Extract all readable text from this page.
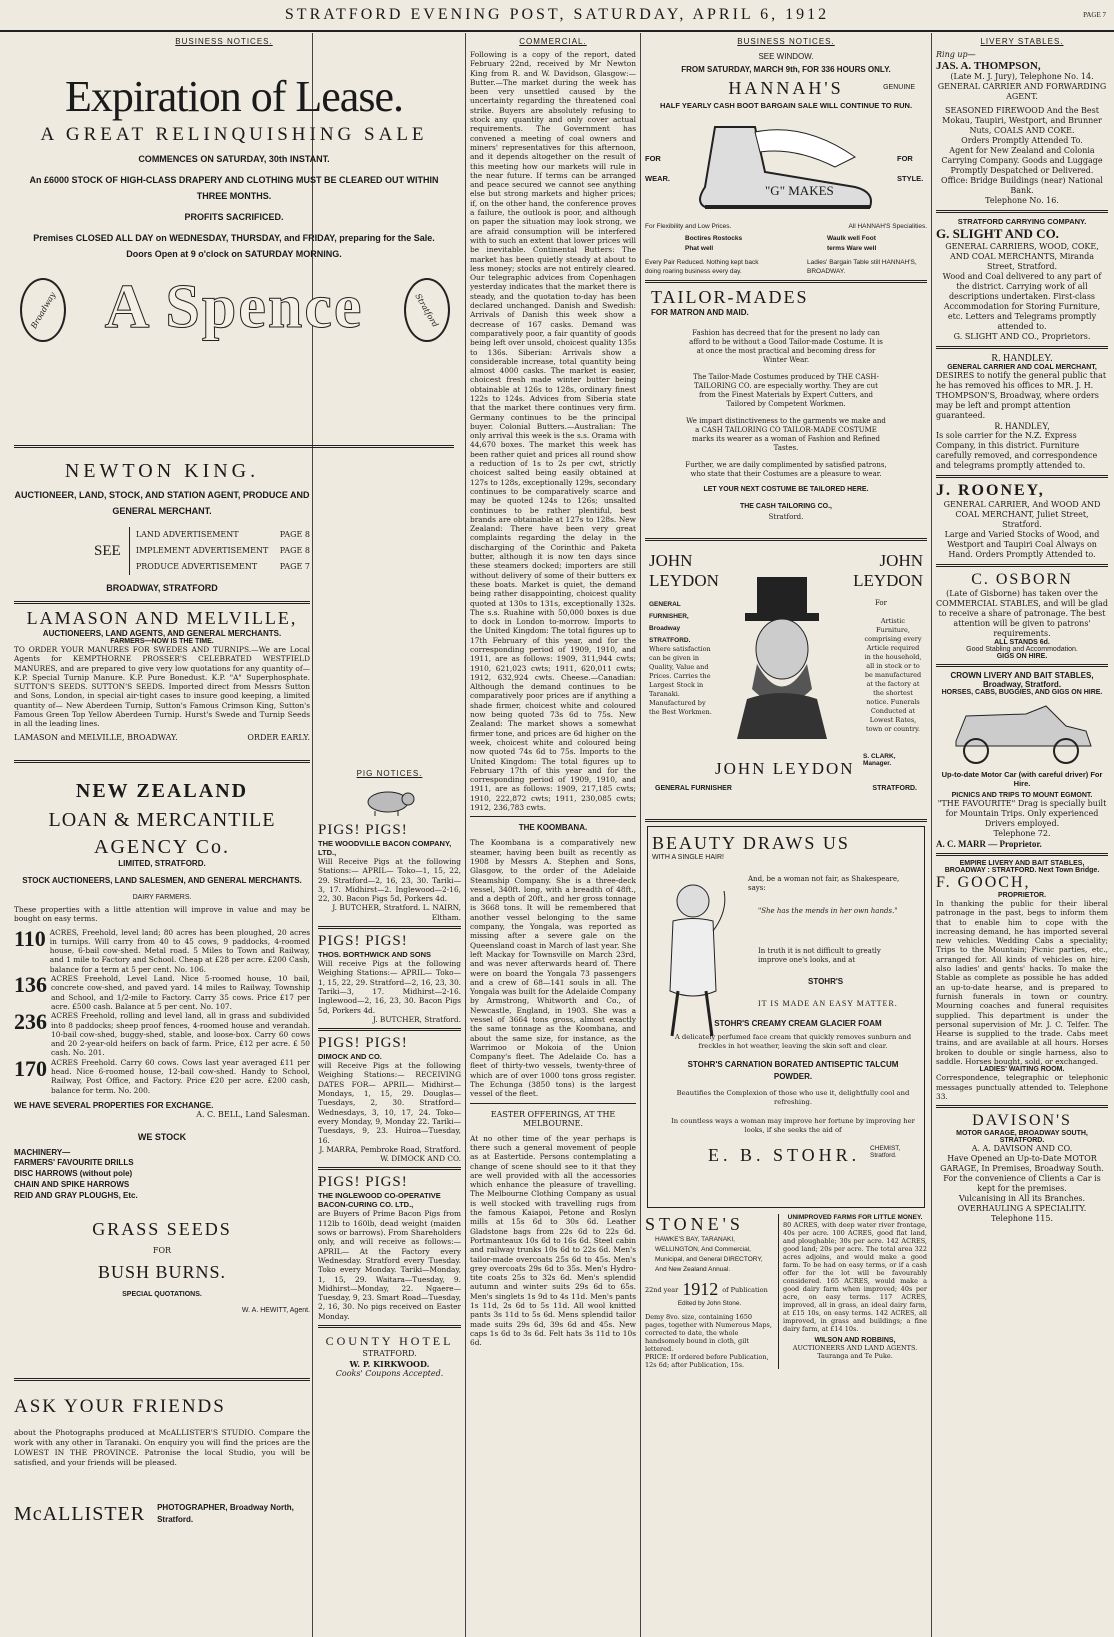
STRATFORD EVENING POST, SATURDAY, APRIL 6, 1912	PAGE 7
BUSINESS NOTICES.
Expiration of Lease.
A GREAT RELINQUISHING SALE
COMMENCES ON SATURDAY, 30th INSTANT.
An £6000 STOCK OF HIGH-CLASS DRAPERY AND CLOTHING MUST BE CLEARED OUT WITHIN THREE MONTHS.
PROFITS SACRIFICED.
Premises CLOSED ALL DAY on WEDNESDAY, THURSDAY, and FRIDAY, preparing for the Sale. Doors Open at 9 o'clock on SATURDAY MORNING.
Broadway A Spence	Stratford
NEWTON KING.
AUCTIONEER, LAND, STOCK, AND STATION AGENT, PRODUCE AND GENERAL MERCHANT.
SEE
LAND ADVERTISEMENT	PAGE 8
IMPLEMENT ADVERTISEMENT PAGE 8
PRODUCE ADVERTISEMENT	PAGE 7
BROADWAY, STRATFORD
LAMASON AND MELVILLE,
AUCTIONEERS, LAND AGENTS, AND GENERAL MERCHANTS.
FARMERS—NOW IS THE TIME.
TO ORDER YOUR MANURES FOR SWEDES AND TURNIPS.—We are Local Agents for KEMPTHORNE PROSSER'S CELEBRATED WESTFIELD MANURES, and are prepared to give very low quotations for any quantity of— K.P. Special Turnip Manure. K.P. Pure Bonedust. K.P. "A" Superphosphate. SUTTON'S SEEDS. SUTTON'S SEEDS. Imported direct from Messrs Sutton and Sons, London, in special air-tight cases to insure good keeping, a limited quantity of— New Aberdeen Turnip, Sutton's Famous Crimson King, Sutton's Famous Green Top Yellow Aberdeen Turnip. Hurst's Swede and Turnip Seeds in all the leading lines.
LAMASON and MELVILLE, BROADWAY.	ORDER EARLY.
NEW ZEALAND
LOAN & MERCANTILE
AGENCY Co.
LIMITED, STRATFORD.
STOCK AUCTIONEERS, LAND SALESMEN, AND GENERAL MERCHANTS.
DAIRY FARMERS.
These properties with a little attention will improve in value and may be bought on easy terms.
110 ACRES, Freehold, level land; 80 acres has been ploughed, 20 acres in turnips. Will carry from 40 to 45 cows, 9 paddocks, 4-roomed house, 6-bail cow-shed. Metal road. 5 Miles to Town and Railway, and 1 mile to Factory and School. Cheap at £28 per acre. £200 Cash, balance for a term at 5 per cent. No. 106.
136 ACRES Freehold, Level Land. Nice 5-roomed house, 10 bail, concrete cow-shed, and paved yard. 14 miles to Railway, Township and School, and 1/2-mile to Factory. Carry 35 cows. Price £17 per acre. £500 cash. Balance at 5 per cent. No. 107.
236 ACRES Freehold, rolling and level land, all in grass and subdivided into 8 paddocks; sheep proof fences, 4-roomed house and verandah. 10-bail cow-shed, buggy-shed, stable, and loose-box. Carry 60 cows and 20 2-year-old heifers on back of farm. Price, £12 per acre. £ 50 cash. No. 201.
170 ACRES Freehold. Carry 60 cows. Cows last year averaged £11 per head. Nice 6-roomed house, 12-bail cow-shed. Handy to School, Railway, Post Office, and Factory. Price £20 per acre. £200 cash, balance for term. No. 200.
WE HAVE SEVERAL PROPERTIES FOR EXCHANGE.
A. C. BELL, Land Salesman.
WE STOCK
MACHINERY—
FARMERS' FAVOURITE DRILLS
DISC HARROWS (without pole)
CHAIN AND SPIKE HARROWS
REID AND GRAY PLOUGHS, Etc.
GRASS SEEDS
FOR
BUSH BURNS.
SPECIAL QUOTATIONS.
W. A. HEWITT, Agent.
ASK YOUR FRIENDS
about the Photographs produced at McALLISTER'S STUDIO. Compare the work with any other in Taranaki. On enquiry you will find the prices are the LOWEST IN THE PROVINCE. Patronise the local Studio, you will be satisfied, and your friends will be pleased.
McALLISTER PHOTOGRAPHER, Broadway North, Stratford.
PIG NOTICES.
PIGS! PIGS!
THE WOODVILLE BACON COMPANY, LTD.,
Will Receive Pigs at the following Stations:— APRIL— Toko—1, 15, 22, 29. Stratford—2, 16, 23, 30. Tariki—3, 17. Midhirst—2. Inglewood—2-16, 22, 30. Bacon Pigs 5d, Porkers 4d.
J. BUTCHER, Stratford. L. NAIRN, Eltham.
PIGS! PIGS!
THOS. BORTHWICK AND SONS
Will receive Pigs at the following Weighing Stations:— APRIL— Toko—1, 15, 22, 29. Stratford—2, 16, 23, 30. Tariki—3, 17. Midhirst—2-16. Inglewood—2, 16, 23, 30. Bacon Pigs 5d, Porkers 4d.
J. BUTCHER, Stratford.
PIGS! PIGS!
DIMOCK AND CO.
will Receive Pigs at the following Weighing Stations:— RECEIVING DATES FOR— APRIL— Midhirst—Mondays, 1, 15, 29. Douglas—Tuesdays, 2, 30. Stratford—Wednesdays, 3, 10, 17, 24. Toko—every Monday, 9, Monday 22. Tariki—Tuesdays, 9, 23. Huiroa—Tuesday, 16.
J. MARRA, Pembroke Road, Stratford. W. DIMOCK AND CO.
PIGS! PIGS!
THE INGLEWOOD CO-OPERATIVE BACON-CURING CO. LTD.,
are Buyers of Prime Bacon Pigs from 112lb to 160lb, dead weight (maiden sows or barrows). From Shareholders only, and will receive as follows:— APRIL— At the Factory every Wednesday. Stratford every Tuesday. Toko every Monday. Tariki—Monday, 1, 15, 29. Waitara—Tuesday, 9. Midhirst—Monday, 22. Ngaere—Tuesday, 9, 23. Smart Road—Tuesday, 2, 16, 30. No pigs received on Easter Monday.
COUNTY HOTEL
STRATFORD.
W. P. KIRKWOOD.
Cooks' Coupons Accepted.
COMMERCIAL.
Following is a copy of the report, dated February 22nd, received by Mr Newton King from R. and W. Davidson, Glasgow:— Butter.—The market during the week has been very unsettled caused by the uncertainty regarding the threatened coal strike. Buyers are absolutely refusing to stock any quantity and only cover actual requirements. The Government has convened a meeting of coal owners and miners' representatives for this afternoon, and it depends altogether on the result of this meeting how our markets will rule in the near future. If terms can be arranged and peace secured we cannot see anything else but strong markets and higher prices; if, on the other hand, the conference proves a failure, the outlook is poor, and although on paper the situation may look strong, we are afraid consumption will be interfered with to such an extent that lower prices will be inevitable. Continental Butters: The market has been quietly steady at about to less money; stocks are not entirely cleared. Our telegraphic advices from Copenhagen yesterday indicates that the market there is steady, and the quotation to-day has been declared unchanged. Danish and Swedish: Arrivals of Danish this week show a decrease of 167 casks. Demand was comparatively poor, a fair quantity of goods being left over unsold, choicest quality 135s to 136s. Siberian: Arrivals show a considerable increase, total quantity being almost 4000 casks. The market is easier, choicest fresh made winter butter being obtainable at 126s to 128s, ordinary finest 122s to 124s. Advices from Siberia state that the market there continues very firm. Germany continues to be the principal buyer. Colonial Butters.—Australian: The only arrival this week is the s.s. Orama with 44,670 boxes. The market this week has been rather quiet and prices all round show a reduction of 1s to 2s per cwt, strictly choicest salted being easily obtained at 127s to 128s, exceptionally 129s, secondary continues to be comparatively scarce and may be quoted 124s to 126s; unsalted continues to be rather plentiful, best brands are obtainable at 127s to 128s. New Zealand: There have been very great complaints regarding the delay in the discharging of the Corinthic and Paketa butter, although it is now ten days since these steamers docked; importers are still without delivery of some of their butters ex these boats. Market is quiet, the demand being rather disappointing, choicest quality quoted at 130s to 131s, exceptionally 132s. The s.s. Ruahine with 50,000 boxes is due to dock in London to-morrow. Imports to the United Kingdom: The total figures up to 17th February of this year, and for the corresponding period of 1909, 1910, and 1911, are as follows: 1909, 311,944 cwts; 1910, 621,023 cwts; 1911, 620,011 cwts; 1912, 632,924 cwts. Cheese.—Canadian: Although the demand continues to be comparatively poor prices are if anything a shade firmer, choicest white and coloured now being quoted 73s 6d to 75s. New Zealand: The market shows a somewhat firmer tone, and prices are 6d higher on the week, choicest white and coloured being now quoted 74s 6d to 75s. Imports to the United Kingdom: The total figures up to February 17th of this year and for the corresponding period of 1909, 1910, and 1911, are as follows: 1909, 217,185 cwts; 1910, 222,872 cwts; 1911, 230,085 cwts; 1912, 236,783 cwts.
THE KOOMBANA.
The Koombana is a comparatively new steamer, having been built as recently as 1908 by Messrs A. Stephen and Sons, Glasgow, to the order of the Adelaide Steamship Company. She is a three-deck vessel, 340ft. long, with a breadth of 48ft., and a depth of 20ft., and her gross tonnage is 3668 tons. It will be remembered that another vessel belonging to the same company, the Yongala, was reported as missing after a severe gale on the Queensland coast in March of last year. She left Mackay for Townsville on March 23rd, and was never afterwards heard of. There were on board the Yongala 73 passengers and a crew of 68—141 souls in all. The Yongala was built for the Adelaide Company by Armstrong, Whitworth and Co., of Newcastle, England, in 1903. She was a vessel of 3664 tons gross, almost exactly the same tonnage as the Koombana, and about the same size, for instance, as the Warrimoo or Mokoia of the Union Company's fleet. The Adelaide Co. has a fleet of thirty-two vessels, twenty-three of which are of over 1000 tons gross register. The Echunga (3850 tons) is the largest vessel of the fleet.
EASTER OFFERINGS, AT THE MELBOURNE.
At no other time of the year perhaps is there such a general movement of people as at Eastertide. Persons contemplating a change of scene should see to it that they are well provided with all the accessories which enhance the pleasure of travelling. The Melbourne Clothing Company as usual is well stocked with travelling rugs from the famous Kaiapoi, Petone and Roslyn mills at 15s 6d to 30s 6d. Leather Gladstone bags from 22s 6d to 22s 6d. Portmanteaux 10s 6d to 16s 6d. Steel cabin and railway trunks 10s 6d to 22s 6d. Men's tailor-made overcoats 25s 6d to 45s. Men's grey overcoats 29s 6d to 35s. Men's Hydro-tite coats 25s to 32s 6d. Men's splendid autumn and winter suits 29s 6d to 65s. Men's singlets 1s 9d to 4s 11d. Men's pants 1s 11d, 2s 6d to 5s 11d. All wool knitted pants 3s 11d to 5s 6d. Mens splendid tailor made suits 29s 6d, 39s 6d and 45s. New caps 1s 6d to 3s 6d. Felt hats 3s 11d to 10s 6d.
BUSINESS NOTICES.
SEE WINDOW.
FROM SATURDAY, MARCH 9th, FOR 336 HOURS ONLY.
HANNAH'S	GENUINE
HALF YEARLY CASH BOOT BARGAIN SALE WILL CONTINUE TO RUN.
FOR WEAR.
FOR STYLE.
"G" MAKES
For Flexibility and Low Prices.	All HANNAH'S Specialities.
Boctires Rostocks Phat well
Waulk well Foot terms Ware well
Every Pair Reduced. Nothing kept back doing roaring business every day.
Ladies' Bargain Table still HANNAH'S, BROADWAY.
TAILOR-MADES
FOR MATRON AND MAID.

Fashion has decreed that for the present no lady can afford to be without a Good Tailor-made Costume. It is at once the most practical and becoming dress for Winter Wear.

The Tailor-Made Costumes produced by THE CASH-TAILORING CO. are especially worthy. They are cut from the Finest Materials by Expert Cutters, and Tailored by Competent Workmen.

We impart distinctiveness to the garments we make and a CASH TAILORING CO TAILOR-MADE COSTUME marks its wearer as a woman of Fashion and Refined Tastes.

Further, we are daily complimented by satisfied patrons, who state that their Costumes are a pleasure to wear.

LET YOUR NEXT COSTUME BE TAILORED HERE.

THE CASH TAILORING CO.,

Stratford.

JOHN LEYDON
JOHN LEYDON
GENERAL FURNISHER, Broadway STRATFORD.
Where satisfaction can be given in Quality, Value and Prices. Carries the Largest Stock in Taranaki. Manufactured by the Best Workmen.
For
Artistic Furniture, comprising every Article required in the household, all in stock or to be manufactured at the factory at the shortest notice. Funerals Conducted at Lowest Rates, town or country.
S. CLARK, Manager.
JOHN LEYDON
GENERAL FURNISHER	STRATFORD.
BEAUTY DRAWS US
WITH A SINGLE HAIR!
And, be a woman not fair, as Shakespeare, says:
"She has the mends in her own hands."
In truth it is not difficult to greatly improve one's looks, and at
STOHR'S
IT IS MADE AN EASY MATTER.
STOHR'S CREAMY CREAM GLACIER FOAM
A delicately perfumed face cream that quickly removes sunburn and freckles in hot weather, leaving the skin soft and clear.
STOHR'S CARNATION BORATED ANTISEPTIC TALCUM POWDER.
Beautifies the Complexion of those who use it, delightfully cool and refreshing.
In countless ways a woman may improve her fortune by improving her looks, if she seeks the aid of
E. B. STOHR. CHEMIST, Stratford.
STONE'S
HAWKE'S BAY, TARANAKI, WELLINGTON, And Commercial, Municipal, and General DIRECTORY, And New Zealand Annual.
22nd year 1912 of Publication
Edited by John Stone.
Demy 8vo. size, containing 1650 pages, together with Numerous Maps, corrected to date, the whole handsomely bound in cloth, gilt lettered.
PRICE: If ordered before Publication, 12s 6d; after Publication, 15s.
UNIMPROVED FARMS FOR LITTLE MONEY.
80 ACRES, with deep water river frontage, 40s per acre. 100 ACRES, good flat land, and ploughable; 30s per acre. 142 ACRES, good land; 20s per acre. The total area 322 acres adjoins, and would make a good farm. To be had on easy terms, or if a cash offer for the lot will be favourably considered. 165 ACRES, would make a good dairy farm when improved; 40s per acre, on easy terms. 117 ACRES, improved, all in grass, an ideal dairy farm, at £15 10s, on easy terms. 142 ACRES, all improved, in grass and buildings; a fine dairy farm, at £14 10s.
WILSON AND ROBBINS,
AUCTIONEERS AND LAND AGENTS. Tauranga and Te Puke.
LIVERY STABLES.
Ring up—
JAS. A. THOMPSON,
(Late M. J. Jury), Telephone No. 14.
GENERAL CARRIER AND FORWARDING AGENT.
SEASONED FIREWOOD And the Best Mokau, Taupiri, Westport, and Brunner Nuts, COALS AND COKE.
Orders Promptly Attended To.
Agent for New Zealand and Colonia Carrying Company. Goods and Luggage Promptly Despatched or Delivered.
Office: Bridge Buildings (near) National Bank.
Telephone No. 16.
STRATFORD CARRYING COMPANY.
G. SLIGHT AND CO.
GENERAL CARRIERS, WOOD, COKE, AND COAL MERCHANTS, Miranda Street, Stratford.
Wood and Coal delivered to any part of the district. Carrying work of all descriptions undertaken. First-class Accommodation for Storing Furniture, etc. Letters and Telegrams promptly attended to.
G. SLIGHT AND CO., Proprietors.
R. HANDLEY.
GENERAL CARRIER AND COAL MERCHANT,
DESIRES to notify the general public that he has removed his offices to MR. J. H. THOMPSON'S, Broadway, where orders may be left and prompt attention guaranteed.
R. HANDLEY,
Is sole carrier for the N.Z. Express Company, in this district. Furniture carefully removed, and correspondence and telegrams promptly attended to.
J. ROONEY,
GENERAL CARRIER, And WOOD AND COAL MERCHANT, Juliet Street, Stratford.
Large and Varied Stocks of Wood, and Westport and Taupiri Coal Always on Hand. Orders Promptly Attended to.
C. OSBORN
(Late of Gisborne) has taken over the COMMERCIAL STABLES, and will be glad to receive a share of patronage. The best attention will be given to patrons' requirements.
ALL STANDS 6d.
Good Stabling and Accommodation.
GIGS ON HIRE.
CROWN LIVERY AND BAIT STABLES, Broadway, Stratford.
HORSES, CABS, BUGGIES, AND GIGS ON HIRE.
Up-to-date Motor Car (with careful driver) For Hire.
PICNICS AND TRIPS TO MOUNT EGMONT.
"THE FAVOURITE" Drag is specially built for Mountain Trips. Only experienced Drivers employed.
Telephone 72.
A. C. MARR — Proprietor.
EMPIRE LIVERY AND BAIT STABLES,
BROADWAY : STRATFORD. Next Town Bridge.
F. GOOCH,
PROPRIETOR.
In thanking the public for their liberal patronage in the past, begs to inform them that to enable him to cope with the increasing demand, he has imported several new vehicles. Wedding Cabs a speciality; Trips to the Mountain; Picnic parties, etc., arranged for. All kinds of vehicles on hire; also ladies' and gents' hacks. To make the Stable as complete as possible he has added an up-to-date hearse, and is prepared to furnish funerals in town or country. Mourning coaches and funeral requisites supplied. This department is under the personal supervision of Mr. J. C. Telfer. The Hearse is supplied to the trade. Cabs meet trains, and are available at all hours. Horses broken to double or single harness, also to saddle. Horses bought, sold, or exchanged.
LADIES' WAITING ROOM.
Correspondence, telegraphic or telephonic messages punctually attended to. Telephone 33.
DAVISON'S
MOTOR GARAGE, BROADWAY SOUTH, STRATFORD.
A. A. DAVISON AND CO.
Have Opened an Up-to-Date MOTOR GARAGE, In Premises, Broadway South. For the convenience of Clients a Car is kept for the premises.
Vulcanising in All its Branches. OVERHAULING A SPECIALITY.
Telephone 115.
